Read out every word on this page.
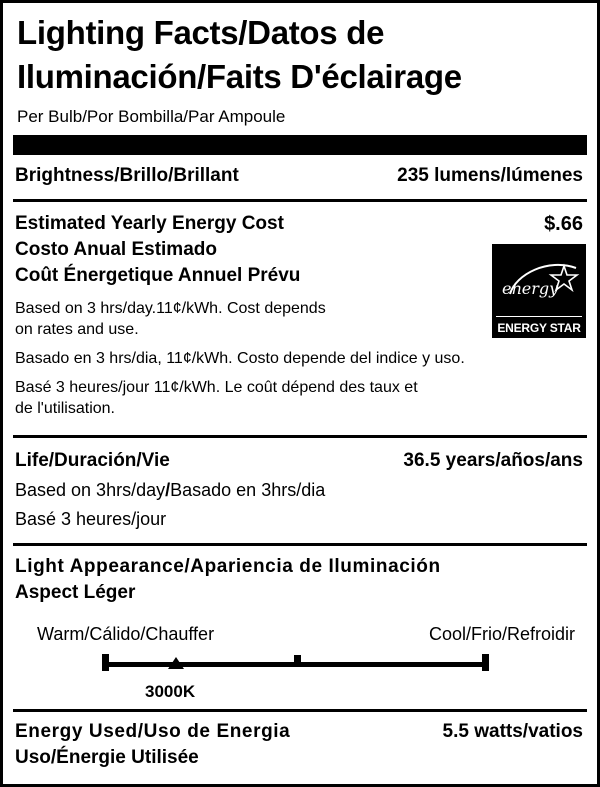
Lighting Facts/Datos de
Iluminación/Faits D'éclairage
Per Bulb/Por Bombilla/Par Ampoule
Brightness/Brillo/Brillant	235 lumens/lúmenes
Estimated Yearly Energy Cost	$.66
Costo Anual Estimado
Coût Énergetique Annuel Prévu
Based on 3 hrs/day.11¢/kWh. Cost depends
on rates and use.
Basado en 3 hrs/dia, 11¢/kWh. Costo depende del indice y uso.
Basé 3 heures/jour 11¢/kWh. Le coût dépend des taux et
de l'utilisation.
energy
ENERGY STAR
Life/Duración/Vie	36.5 years/años/ans
Based on 3hrs/day/Basado en 3hrs/dia
Basé 3 heures/jour
Light Appearance/Apariencia de Iluminación
Aspect Léger
Warm/Cálido/Chauffer	Cool/Frio/Refroidir
3000K
Energy Used/Uso de Energia	5.5 watts/vatios
Uso/Énergie Utilisée
